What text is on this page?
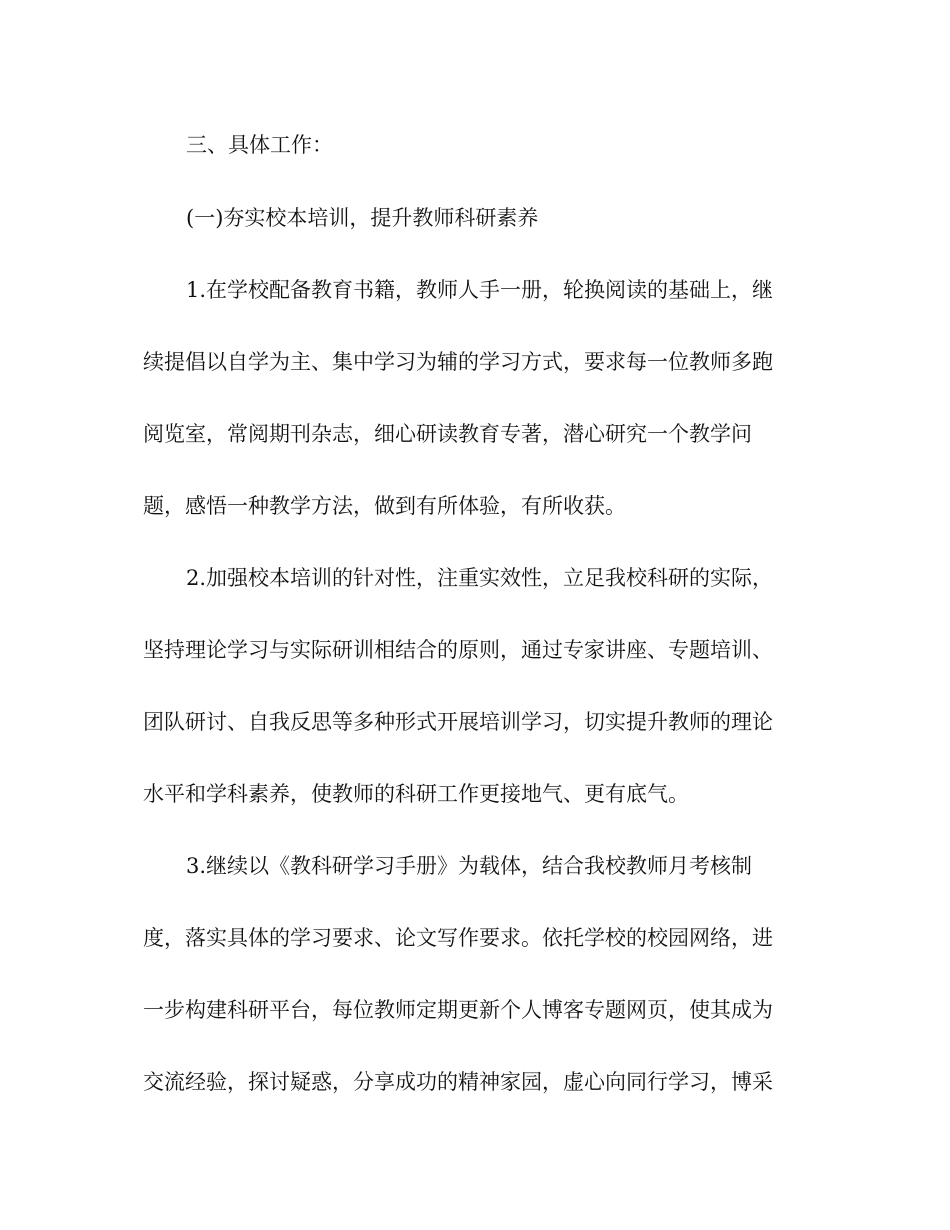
三、具体工作：

(一)夯实校本培训，提升教师科研素养

1.在学校配备教育书籍，教师人手一册，轮换阅读的基础上，继

续提倡以自学为主、集中学习为辅的学习方式，要求每一位教师多跑

阅览室，常阅期刊杂志，细心研读教育专著，潜心研究一个教学问

题，感悟一种教学方法，做到有所体验，有所收获。

2.加强校本培训的针对性，注重实效性，立足我校科研的实际，

坚持理论学习与实际研训相结合的原则，通过专家讲座、专题培训、

团队研讨、自我反思等多种形式开展培训学习，切实提升教师的理论

水平和学科素养，使教师的科研工作更接地气、更有底气。

3.继续以《教科研学习手册》为载体，结合我校教师月考核制

度，落实具体的学习要求、论文写作要求。依托学校的校园网络，进

一步构建科研平台，每位教师定期更新个人博客专题网页，使其成为

交流经验，探讨疑惑，分享成功的精神家园，虚心向同行学习，博采
